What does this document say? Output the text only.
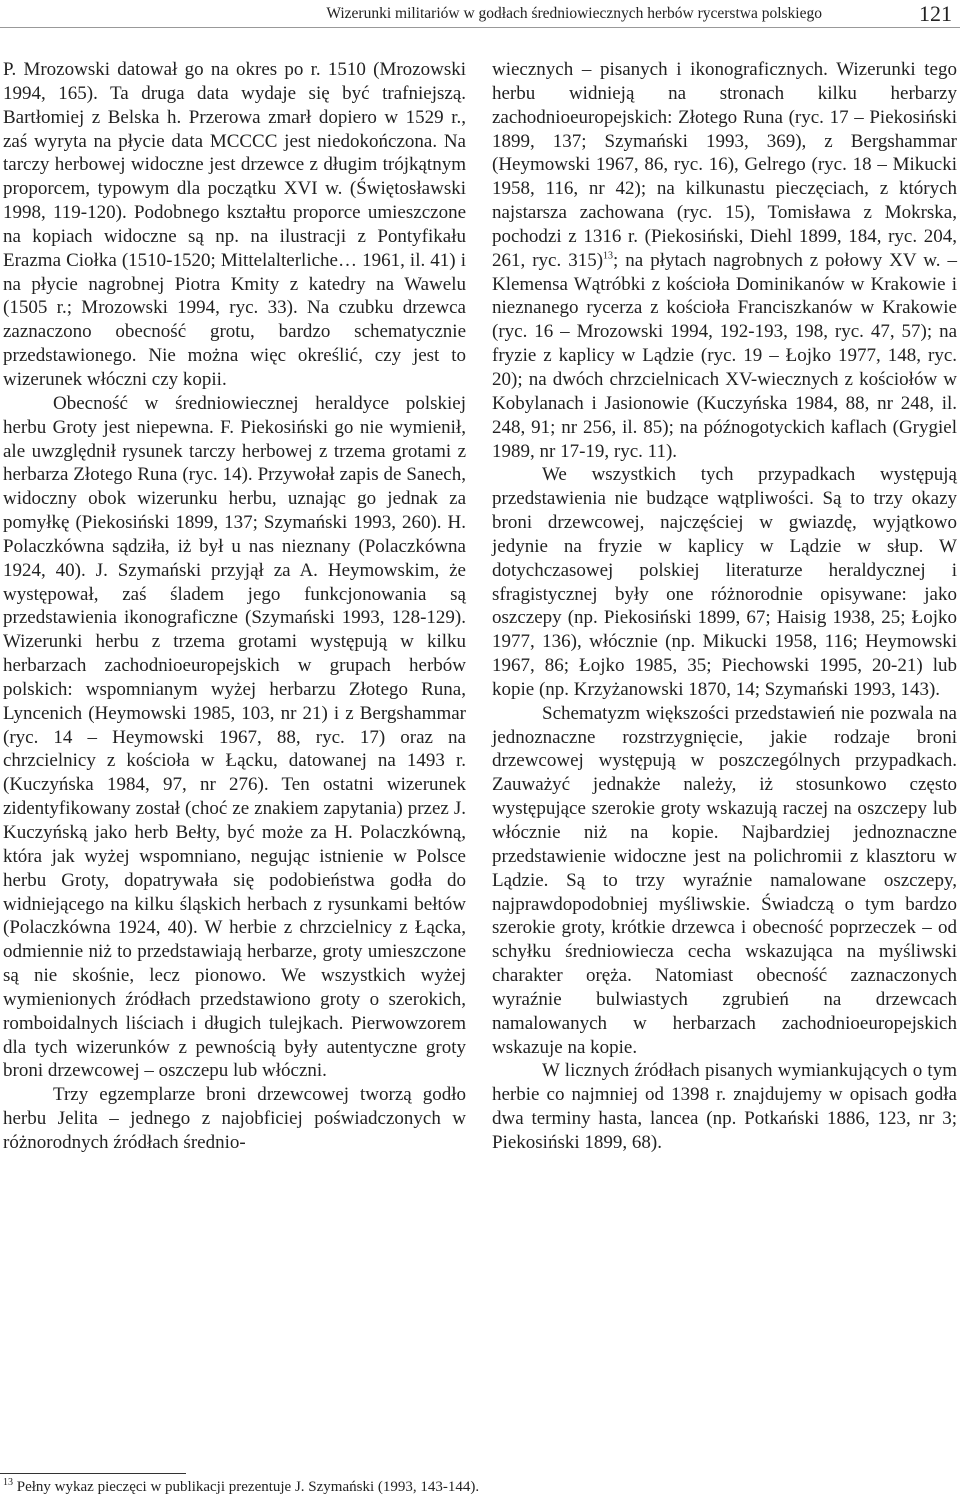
Wizerunki militariów w godłach średniowiecznych herbów rycerstwa polskiego	121

P. Mrozowski datował go na okres po r. 1510 (Mrozowski 1994, 165). Ta druga data wydaje się być trafniejszą. Bartłomiej z Belska h. Przerowa zmarł dopiero w 1529 r., zaś wyryta na płycie data MCCCC jest niedokończona. Na tarczy herbowej widoczne jest drzewce z długim trójkątnym proporcem, typowym dla początku XVI w. (Świętosławski 1998, 119-120). Podobnego kształtu proporce umieszczone na kopiach widoczne są np. na ilustracji z Pontyfikału Erazma Ciołka (1510-1520; Mittelalterliche… 1961, il. 41) i na płycie nagrobnej Piotra Kmity z katedry na Wawelu (1505 r.; Mrozowski 1994, ryc. 33). Na czubku drzewca zaznaczono obecność grotu, bardzo schematycznie przedstawionego. Nie można więc określić, czy jest to wizerunek włóczni czy kopii.

Obecność w średniowiecznej heraldyce polskiej herbu Groty jest niepewna. F. Piekosiński go nie wymienił, ale uwzględnił rysunek tarczy herbowej z trzema grotami z herbarza Złotego Runa (ryc. 14). Przywołał zapis de Sanech, widoczny obok wizerunku herbu, uznając go jednak za pomyłkę (Piekosiński 1899, 137; Szymański 1993, 260). H. Polaczkówna sądziła, iż był u nas nieznany (Polaczkówna 1924, 40). J. Szymański przyjął za A. Heymowskim, że występował, zaś śladem jego funkcjonowania są przedstawienia ikonograficzne (Szymański 1993, 128-129). Wizerunki herbu z trzema grotami występują w kilku herbarzach zachodnioeuropejskich w grupach herbów polskich: wspomnianym wyżej herbarzu Złotego Runa, Lyncenich (Heymowski 1985, 103, nr 21) i z Bergshammar (ryc. 14 – Heymowski 1967, 88, ryc. 17) oraz na chrzcielnicy z kościoła w Łącku, datowanej na 1493 r. (Kuczyńska 1984, 97, nr 276). Ten ostatni wizerunek zidentyfikowany został (choć ze znakiem zapytania) przez J. Kuczyńską jako herb Bełty, być może za H. Polaczkówną, która jak wyżej wspomniano, negując istnienie w Polsce herbu Groty, dopatrywała się podobieństwa godła do widniejącego na kilku śląskich herbach z rysunkami bełtów (Polaczkówna 1924, 40). W herbie z chrzcielnicy z Łącka, odmiennie niż to przedstawiają herbarze, groty umieszczone są nie skośnie, lecz pionowo. We wszystkich wyżej wymienionych źródłach przedstawiono groty o szerokich, romboidalnych liściach i długich tulejkach. Pierwowzorem dla tych wizerunków z pewnością były autentyczne groty broni drzewcowej – oszczepu lub włóczni.

Trzy egzemplarze broni drzewcowej tworzą godło herbu Jelita – jednego z najobficiej poświadczonych w różnorodnych źródłach średnio-

wiecznych – pisanych i ikonograficznych. Wizerunki tego herbu widnieją na stronach kilku herbarzy zachodnioeuropejskich: Złotego Runa (ryc. 17 – Piekosiński 1899, 137; Szymański 1993, 369), z Bergshammar (Heymowski 1967, 86, ryc. 16), Gelrego (ryc. 18 – Mikucki 1958, 116, nr 42); na kilkunastu pieczęciach, z których najstarsza zachowana (ryc. 15), Tomisława z Mokrska, pochodzi z 1316 r. (Piekosiński, Diehl 1899, 184, ryc. 204, 261, ryc. 315)$^{13}$; na płytach nagrobnych z połowy XV w. – Klemensa Wątróbki z kościoła Dominikanów w Krakowie i nieznanego rycerza z kościoła Franciszkanów w Krakowie (ryc. 16 – Mrozowski 1994, 192-193, 198, ryc. 47, 57); na fryzie z kaplicy w Lądzie (ryc. 19 – Łojko 1977, 148, ryc. 20); na dwóch chrzcielnicach XV-wiecznych z kościołów w Kobylanach i Jasionowie (Kuczyńska 1984, 88, nr 248, il. 248, 91; nr 256, il. 85); na późnogotyckich kaflach (Grygiel 1989, nr 17-19, ryc. 11).

We wszystkich tych przypadkach występują przedstawienia nie budzące wątpliwości. Są to trzy okazy broni drzewcowej, najczęściej w gwiazdę, wyjątkowo jedynie na fryzie w kaplicy w Lądzie w słup. W dotychczasowej polskiej literaturze heraldycznej i sfragistycznej były one różnorodnie opisywane: jako oszczepy (np. Piekosiński 1899, 67; Haisig 1938, 25; Łojko 1977, 136), włócznie (np. Mikucki 1958, 116; Heymowski 1967, 86; Łojko 1985, 35; Piechowski 1995, 20-21) lub kopie (np. Krzyżanowski 1870, 14; Szymański 1993, 143).

Schematyzm większości przedstawień nie pozwala na jednoznaczne rozstrzygnięcie, jakie rodzaje broni drzewcowej występują w poszczególnych przypadkach. Zauważyć jednakże należy, iż stosunkowo często występujące szerokie groty wskazują raczej na oszczepy lub włócznie niż na kopie. Najbardziej jednoznaczne przedstawienie widoczne jest na polichromii z klasztoru w Lądzie. Są to trzy wyraźnie namalowane oszczepy, najprawdopodobniej myśliwskie. Świadczą o tym bardzo szerokie groty, krótkie drzewca i obecność poprzeczek – od schyłku średniowiecza cecha wskazująca na myśliwski charakter oręża. Natomiast obecność zaznaczonych wyraźnie bulwiastych zgrubień na drzewcach namalowanych w herbarzach zachodnioeuropejskich wskazuje na kopie.

W licznych źródłach pisanych wymiankujących o tym herbie co najmniej od 1398 r. znajdujemy w opisach godła dwa terminy hasta, lancea (np. Potkański 1886, 123, nr 3; Piekosiński 1899, 68).

$^{13}$ Pełny wykaz pieczęci w publikacji prezentuje J. Szymański (1993, 143-144).
